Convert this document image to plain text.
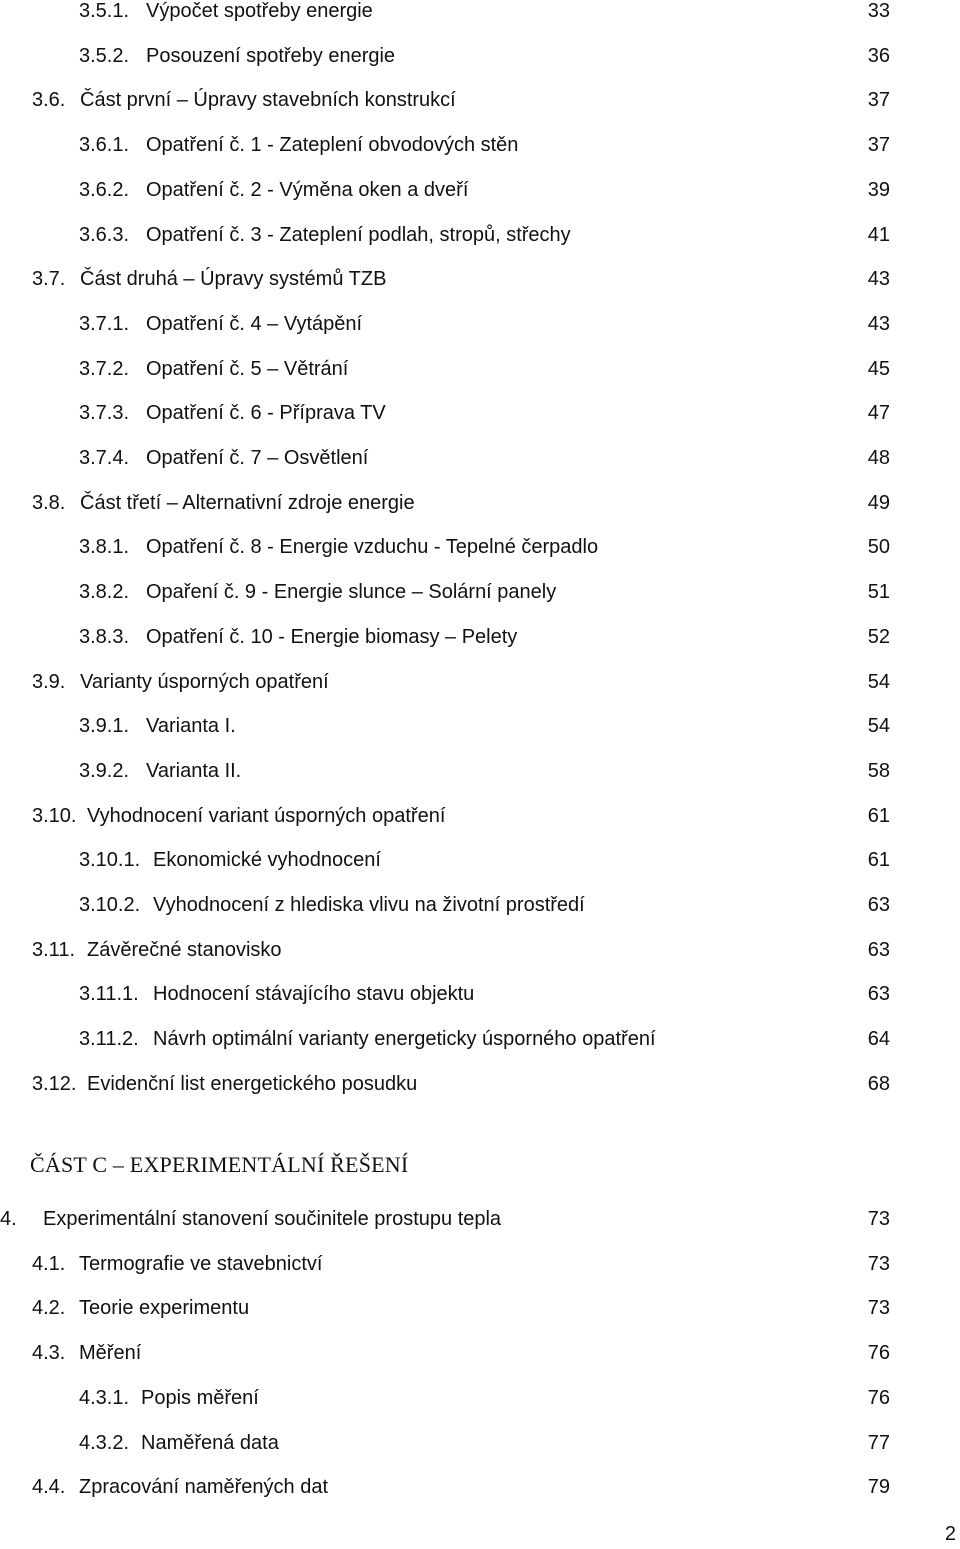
3.5.1. Výpočet spotřeby energie	33
3.5.2. Posouzení spotřeby energie	36
3.6. Část první – Úpravy stavebních konstrukcí	37
3.6.1. Opatření č. 1 - Zateplení obvodových stěn	37
3.6.2. Opatření č. 2 - Výměna oken a dveří	39
3.6.3. Opatření č. 3 - Zateplení podlah, stropů, střechy	41
3.7. Část druhá – Úpravy systémů TZB	43
3.7.1. Opatření č. 4 – Vytápění	43
3.7.2. Opatření č. 5 – Větrání	45
3.7.3. Opatření č. 6 - Příprava TV	47
3.7.4. Opatření č. 7 – Osvětlení	48
3.8. Část třetí – Alternativní zdroje energie	49
3.8.1. Opatření č. 8 - Energie vzduchu - Tepelné čerpadlo	50
3.8.2. Opaření č. 9 - Energie slunce – Solární panely	51
3.8.3. Opatření č. 10 - Energie biomasy – Pelety	52
3.9. Varianty úsporných opatření	54
3.9.1. Varianta I.	54
3.9.2. Varianta II.	58
3.10. Vyhodnocení variant úsporných opatření	61
3.10.1. Ekonomické vyhodnocení	61
3.10.2. Vyhodnocení z hlediska vlivu na životní prostředí	63
3.11. Závěrečné stanovisko	63
3.11.1. Hodnocení stávajícího stavu objektu	63
3.11.2. Návrh optimální varianty energeticky úsporného opatření	64
3.12. Evidenční list energetického posudku	68
ČÁST C – EXPERIMENTÁLNÍ ŘEŠENÍ
4. Experimentální stanovení součinitele prostupu tepla	73
4.1. Termografie ve stavebnictví	73
4.2. Teorie experimentu	73
4.3. Měření	76
4.3.1. Popis měření	76
4.3.2. Naměřená data	77
4.4. Zpracování naměřených dat	79
2
